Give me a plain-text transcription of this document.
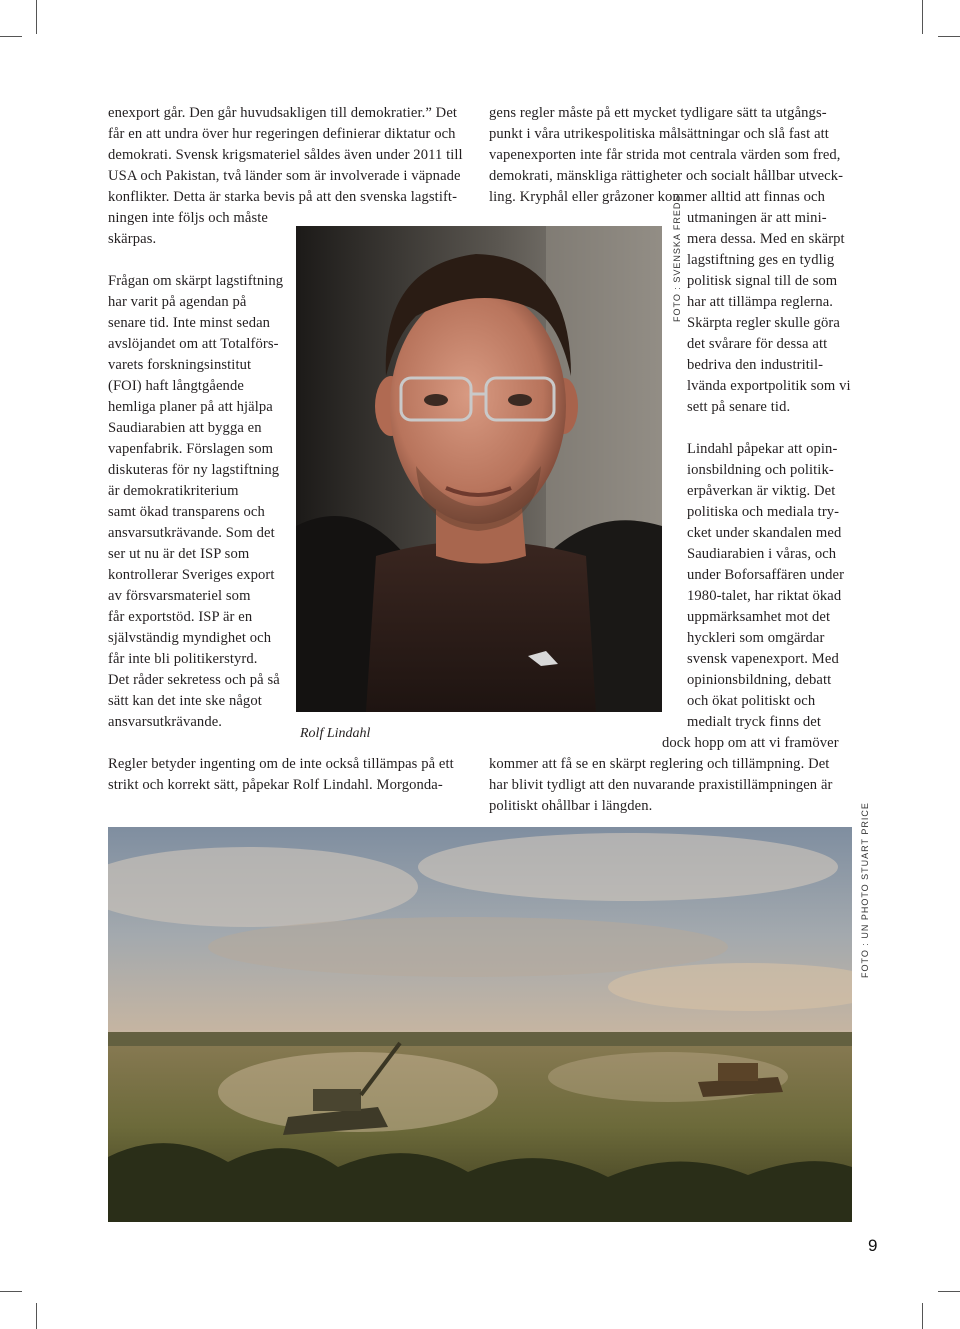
enexport går. Den går huvudsakligen till demokratier.” Det
får en att undra över hur regeringen definierar diktatur och
demokrati. Svensk krigsmateriel såldes även under 2011 till
USA och Pakistan, två länder som är involverade i väpnade
konflikter. Detta är starka bevis på att den svenska lagstift-
ningen inte följs och måste
skärpas.
Frågan om skärpt lagstiftning
har varit på agendan på
senare tid. Inte minst sedan
avslöjandet om att Totalförs-
varets forskningsinstitut
(FOI) haft långtgående
hemliga planer på att hjälpa
Saudiarabien att bygga en
vapenfabrik. Förslagen som
diskuteras för ny lagstiftning
är demokratikriterium
samt ökad transparens och
ansvarsutkrävande. Som det
ser ut nu är det ISP som
kontrollerar Sveriges export
av försvarsmateriel som
får exportstöd. ISP är en
självständig myndighet och
får inte bli politikerstyrd.
Det råder sekretess och på så
sätt kan det inte ske något
ansvarsutkrävande.
Regler betyder ingenting om de inte också tillämpas på ett
strikt och korrekt sätt, påpekar Rolf Lindahl. Morgonda-
Rolf Lindahl
FOTO : SVENSKA FREDS
gens regler måste på ett mycket tydligare sätt ta utgångs-
punkt i våra utrikespolitiska målsättningar och slå fast att
vapenexporten inte får strida mot centrala värden som fred,
demokrati, mänskliga rättigheter och socialt hållbar utveck-
ling. Kryphål eller gråzoner kommer alltid att finnas och
utmaningen är att mini-
mera dessa. Med en skärpt
lagstiftning ges en tydlig
politisk signal till de som
har att tillämpa reglerna.
Skärpta regler skulle göra
det svårare för dessa att
bedriva den industritil-
lvända exportpolitik som vi
sett på senare tid.
Lindahl påpekar att opin-
ionsbildning och politik-
erpåverkan är viktig. Det
politiska och mediala try-
cket under skandalen med
Saudiarabien i våras, och
under Boforsaffären under
1980-talet, har riktat ökad
uppmärksamhet mot det
hyckleri som omgärdar
svensk vapenexport. Med
opinionsbildning, debatt
och ökat politiskt och
medialt tryck finns det
dock hopp om att vi framöver
kommer att få se en skärpt reglering och tillämpning. Det
har blivit tydligt att den nuvarande praxistillämpningen är
politiskt ohållbar i längden.	FOTO : UN PHOTO STUART PRICE
9
